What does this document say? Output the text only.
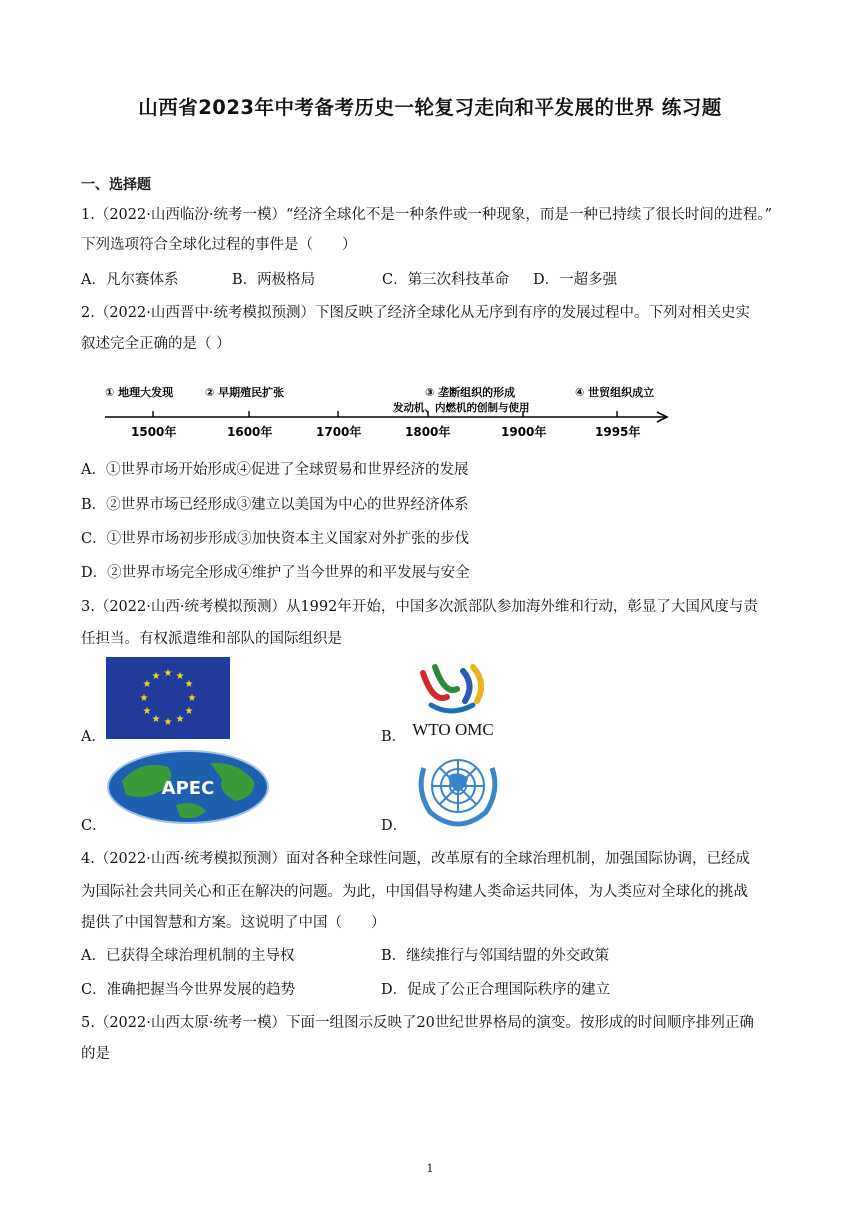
山西省2023年中考备考历史一轮复习走向和平发展的世界 练习题
一、选择题
1.（2022·山西临汾·统考一模）“经济全球化不是一种条件或一种现象，而是一种已持续了很长时间的进程。”
下列选项符合全球化过程的事件是（　　）
A．凡尔赛体系	B．两极格局	C．第三次科技革命 D．一超多强
2.（2022·山西晋中·统考模拟预测）下图反映了经济全球化从无序到有序的发展过程中。下列对相关史实
叙述完全正确的是（ ）
① 地理大发现	② 早期殖民扩张	③ 垄断组织的形成	④ 世贸组织成立
发动机、内燃机的创制与使用
1500年	1600年	1700年	1800年	1900年	1995年
A．①世界市场开始形成④促进了全球贸易和世界经济的发展
B．②世界市场已经形成③建立以美国为中心的世界经济体系
C．①世界市场初步形成③加快资本主义国家对外扩张的步伐
D．②世界市场完全形成④维护了当今世界的和平发展与安全
3.（2022·山西·统考模拟预测）从1992年开始，中国多次派部队参加海外维和行动，彰显了大国风度与责
任担当。有权派遣维和部队的国际组织是
A．
★ ★
★
★
★
★
★
★
★
★
★
★
B． WTO OMC
C．
APEC
D．
4.（2022·山西·统考模拟预测）面对各种全球性问题，改革原有的全球治理机制，加强国际协调，已经成
为国际社会共同关心和正在解决的问题。为此，中国倡导构建人类命运共同体，为人类应对全球化的挑战
提供了中国智慧和方案。这说明了中国（　　）
A．已获得全球治理机制的主导权	B．继续推行与邻国结盟的外交政策
C．准确把握当今世界发展的趋势	D．促成了公正合理国际秩序的建立
5.（2022·山西太原·统考一模）下面一组图示反映了20世纪世界格局的演变。按形成的时间顺序排列正确
的是
1
